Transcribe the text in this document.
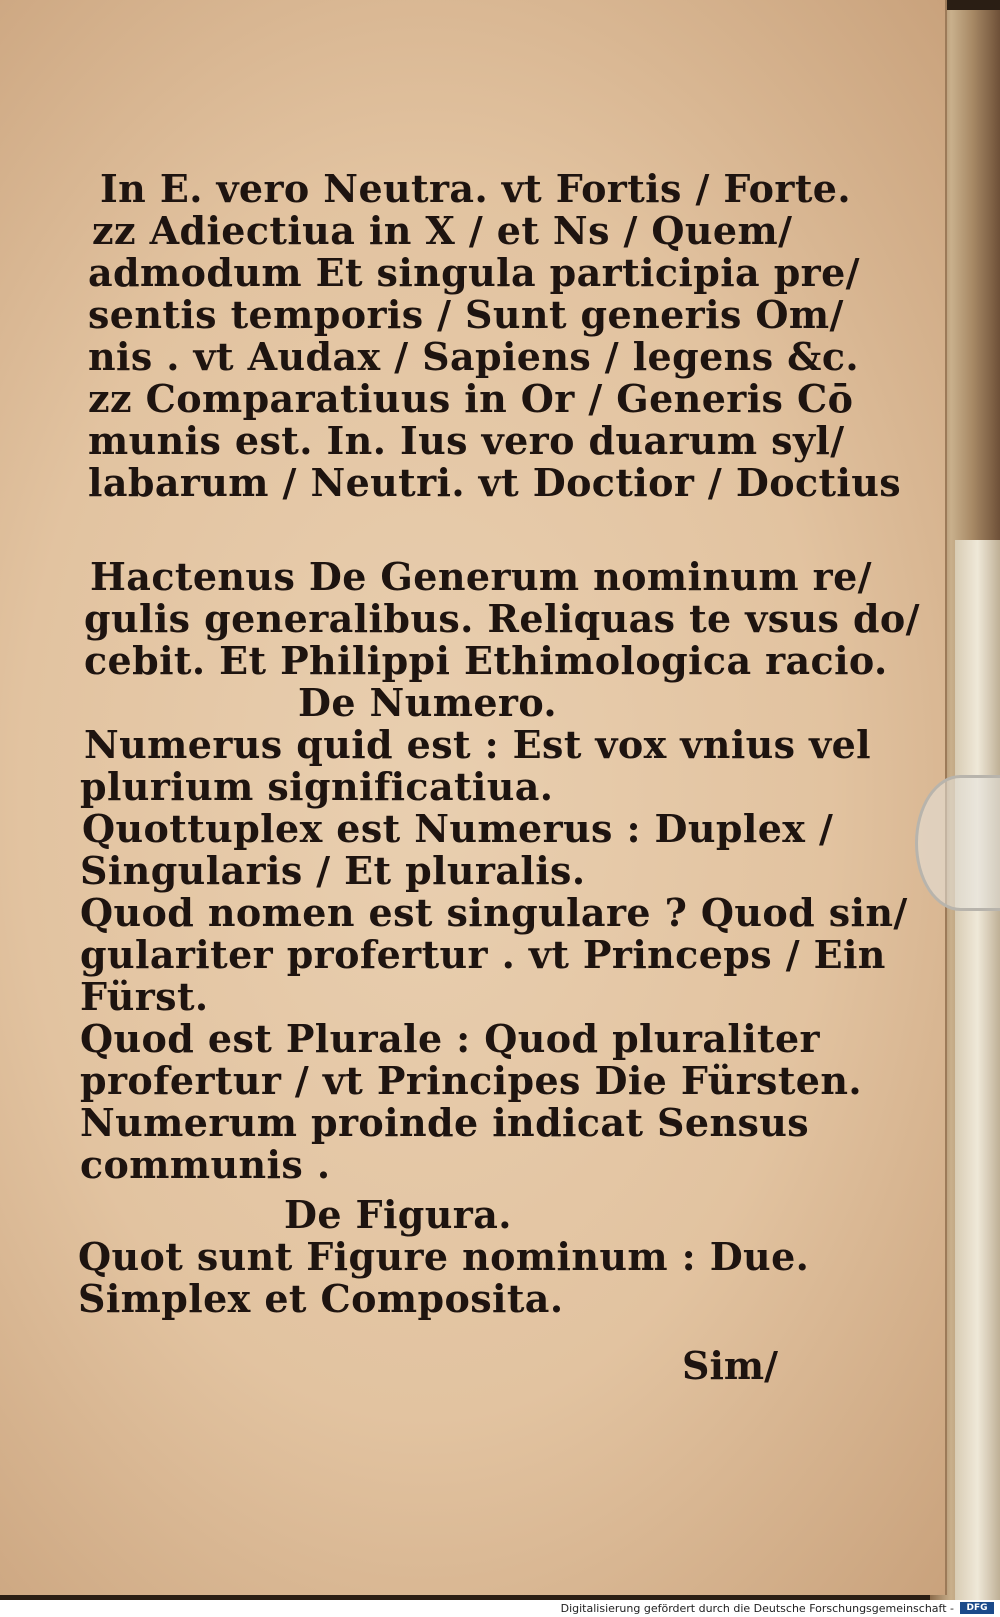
In E. vero Neutra. vt Fortis / Forte.
zz Adiectiua in X / et Ns / Quem/
admodum Et singula participia pre/
sentis temporis / Sunt generis Om/
nis . vt Audax / Sapiens / legens &c.
zz Comparatiuus in Or / Generis Cō
munis est. In. Ius vero duarum syl/
labarum / Neutri. vt Doctior / Doctius
Hactenus De Generum nominum re/
gulis generalibus. Reliquas te vsus do/
cebit. Et Philippi Ethimologica racio.
De Numero.
Numerus quid est : Est vox vnius vel
plurium significatiua.
Quottuplex est Numerus : Duplex /
Singularis / Et pluralis.
Quod nomen est singulare ? Quod sin/
gulariter profertur . vt Princeps / Ein
Fürst.
Quod est Plurale : Quod pluraliter
profertur / vt Principes Die Fürsten.
Numerum proinde indicat Sensus
communis .
De Figura.
Quot sunt Figure nominum : Due.
Simplex et Composita.
Sim/
Digitalisierung gefördert durch die Deutsche Forschungsgemeinschaft -	DFG
